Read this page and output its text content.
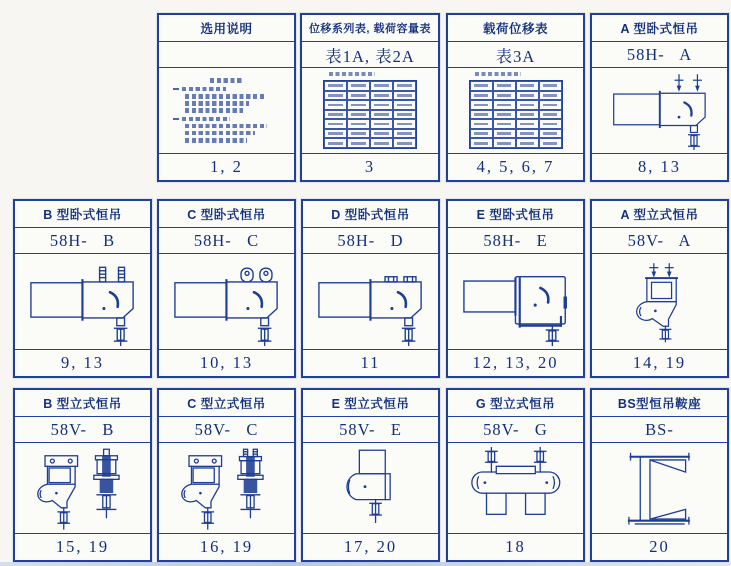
选用说明
1, 2
位移系列表, 载荷容量表
表1A, 表2A
3
载荷位移表
表3A
4, 5, 6, 7
A 型卧式恒吊
58H-   A
8, 13
B 型卧式恒吊
58H-   B
9, 13
C 型卧式恒吊
58H-   C
10, 13
D 型卧式恒吊
58H-   D
11
E 型卧式恒吊
58H-   E
12, 13, 20
A 型立式恒吊
58V-   A
14, 19
B 型立式恒吊
58V-   B
15, 19
C 型立式恒吊
58V-   C
16, 19
E 型立式恒吊
58V-   E
17, 20
G 型立式恒吊
58V-   G
18
BS型恒吊鞍座
BS-
20
